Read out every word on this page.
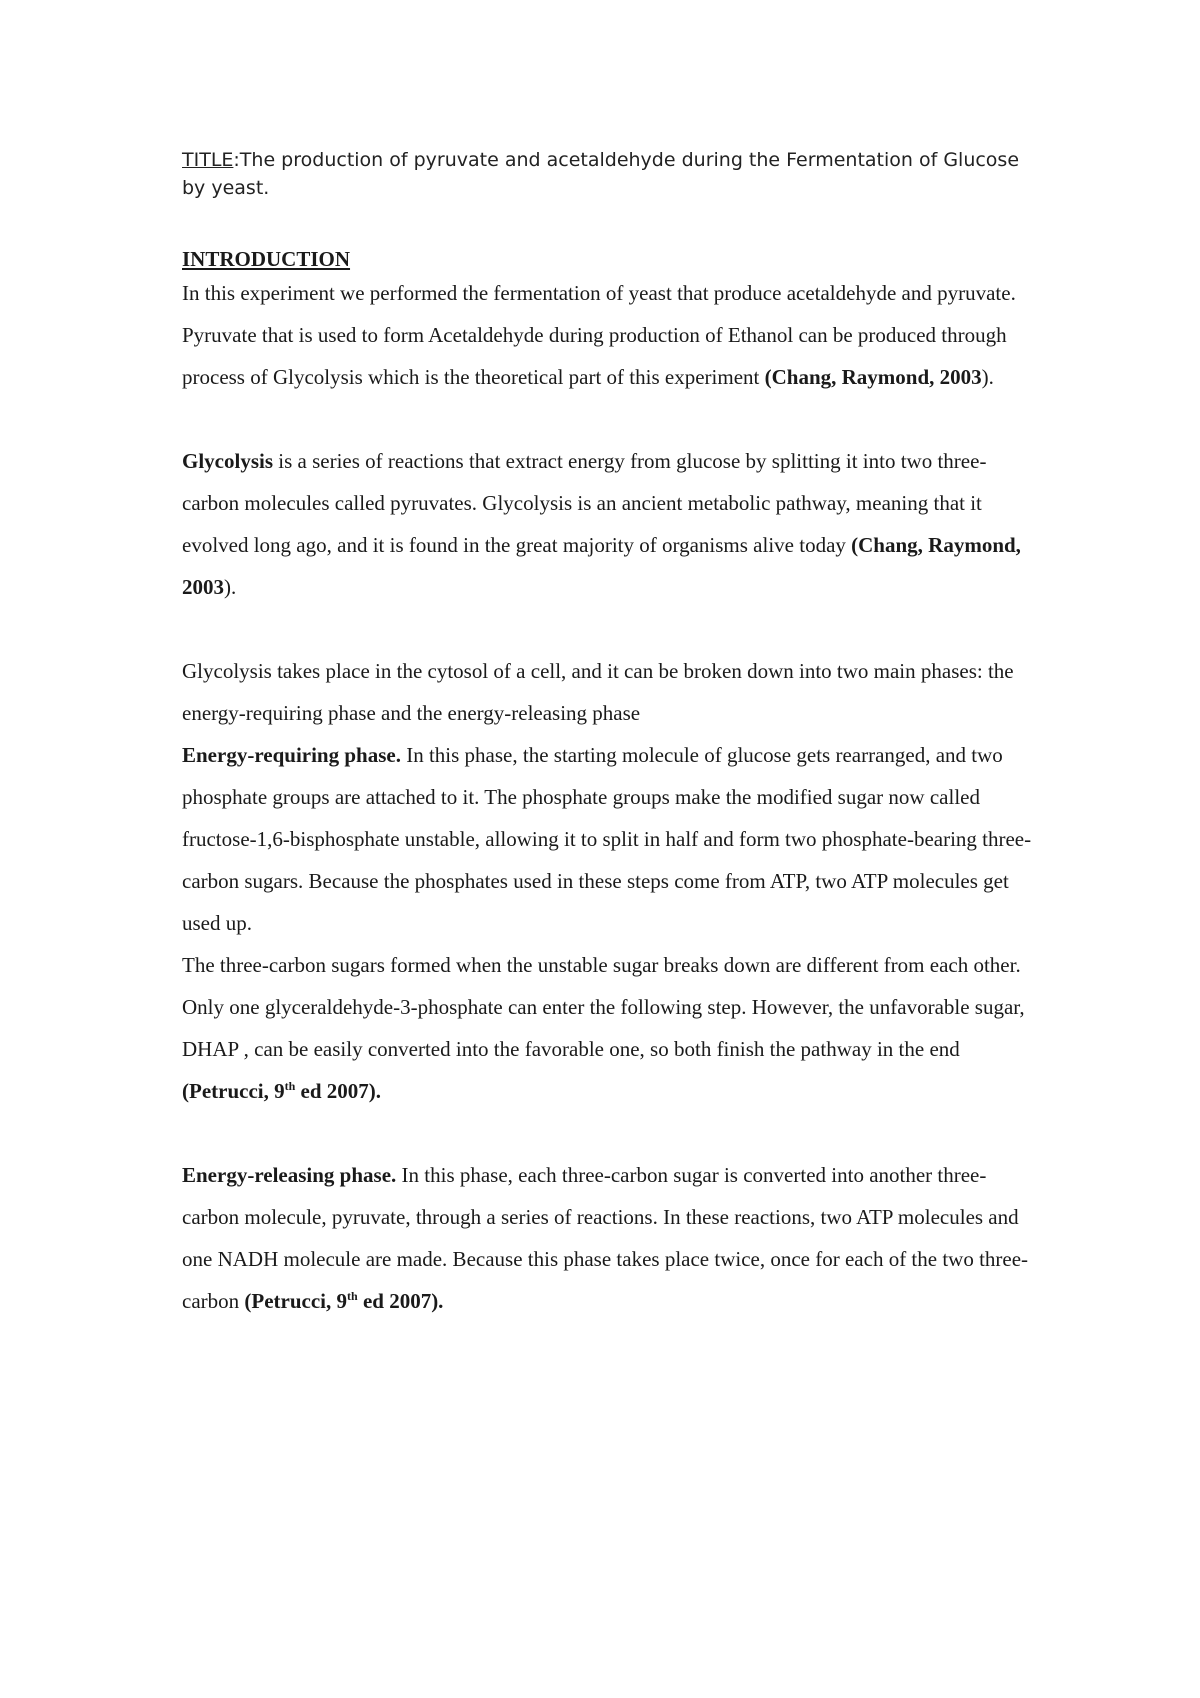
TITLE:The production of pyruvate and acetaldehyde during the Fermentation of Glucose by yeast.
INTRODUCTION

In this experiment we performed the fermentation of yeast that produce acetaldehyde and pyruvate. Pyruvate that is used to form Acetaldehyde during production of Ethanol can be produced through process of Glycolysis which is the theoretical part of this experiment (Chang, Raymond, 2003).

Glycolysis is a series of reactions that extract energy from glucose by splitting it into two three-carbon molecules called pyruvates. Glycolysis is an ancient metabolic pathway, meaning that it evolved long ago, and it is found in the great majority of organisms alive today (Chang, Raymond, 2003).

Glycolysis takes place in the cytosol of a cell, and it can be broken down into two main phases: the energy-requiring phase and the energy-releasing phase

Energy-requiring phase. In this phase, the starting molecule of glucose gets rearranged, and two phosphate groups are attached to it. The phosphate groups make the modified sugar now called fructose-1,6-bisphosphate unstable, allowing it to split in half and form two phosphate-bearing three-carbon sugars. Because the phosphates used in these steps come from ATP, two ATP molecules get used up.

The three-carbon sugars formed when the unstable sugar breaks down are different from each other. Only one glyceraldehyde-3-phosphate can enter the following step. However, the unfavorable sugar, DHAP , can be easily converted into the favorable one, so both finish the pathway in the end (Petrucci, 9th ed 2007).

Energy-releasing phase. In this phase, each three-carbon sugar is converted into another three-carbon molecule, pyruvate, through a series of reactions. In these reactions, two ATP molecules and one NADH molecule are made. Because this phase takes place twice, once for each of the two three-carbon (Petrucci, 9th ed 2007).
